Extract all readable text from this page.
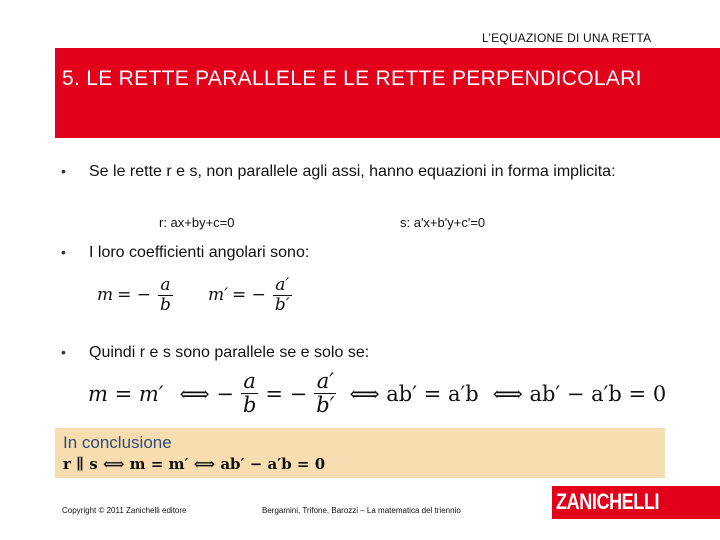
L’EQUAZIONE DI UNA RETTA
5. LE RETTE PARALLELE E LE RETTE PERPENDICOLARI
• Se le rette r e s, non parallele agli assi, hanno equazioni in forma implicita:
r: ax+by+c=0	s: a'x+b'y+c'=0
• I loro coefficienti angolari sono:
m = − $\frac{a}{b} m'$ = − $\frac{a'}{b'}$
• Quindi r e s sono parallele se e solo se:
m = m′ ⟺ − $\frac{a}{b}$ = − $\frac{a'}{b'}$ ⟺ ab′ = a′b ⟺ ab′ − a′b = 0
In conclusione
r ∥ s ⟺ m = m′ ⟺ ab′ − a′b = 0
Copyright © 2011 Zanichelli editore	Bergamini, Trifone, Barozzi – La matematica del triennio	ZANICHELLI
